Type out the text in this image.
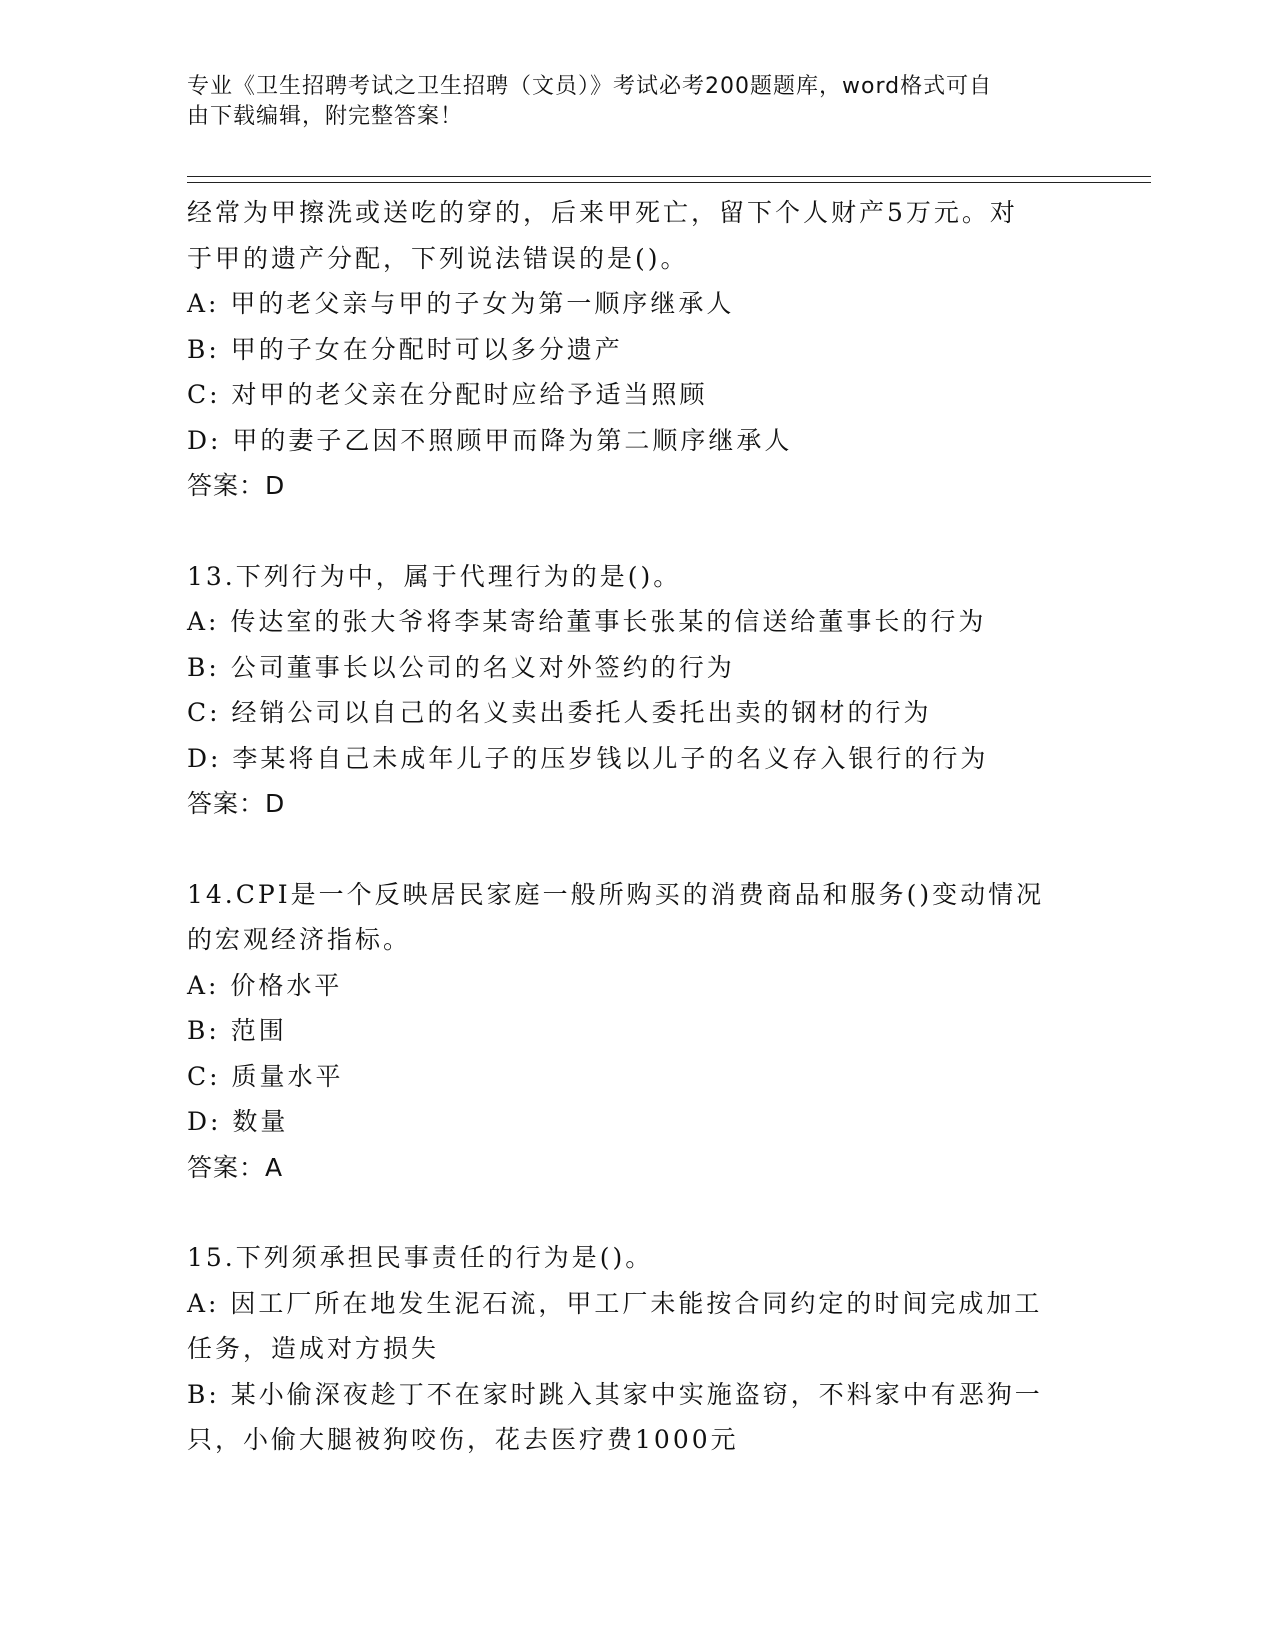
专业《卫生招聘考试之卫生招聘（文员）》考试必考200题题库，word格式可自
由下载编辑，附完整答案！
经常为甲擦洗或送吃的穿的，后来甲死亡，留下个人财产5万元。对
于甲的遗产分配，下列说法错误的是()。
A: 甲的老父亲与甲的子女为第一顺序继承人
B: 甲的子女在分配时可以多分遗产
C: 对甲的老父亲在分配时应给予适当照顾
D: 甲的妻子乙因不照顾甲而降为第二顺序继承人
答案：D
13.下列行为中，属于代理行为的是()。
A: 传达室的张大爷将李某寄给董事长张某的信送给董事长的行为
B: 公司董事长以公司的名义对外签约的行为
C: 经销公司以自己的名义卖出委托人委托出卖的钢材的行为
D: 李某将自己未成年儿子的压岁钱以儿子的名义存入银行的行为
答案：D
14.CPI是一个反映居民家庭一般所购买的消费商品和服务()变动情况
的宏观经济指标。
A: 价格水平
B: 范围
C: 质量水平
D: 数量
答案：A
15.下列须承担民事责任的行为是()。
A: 因工厂所在地发生泥石流，甲工厂未能按合同约定的时间完成加工
任务，造成对方损失
B: 某小偷深夜趁丁不在家时跳入其家中实施盗窃，不料家中有恶狗一
只，小偷大腿被狗咬伤，花去医疗费1000元
